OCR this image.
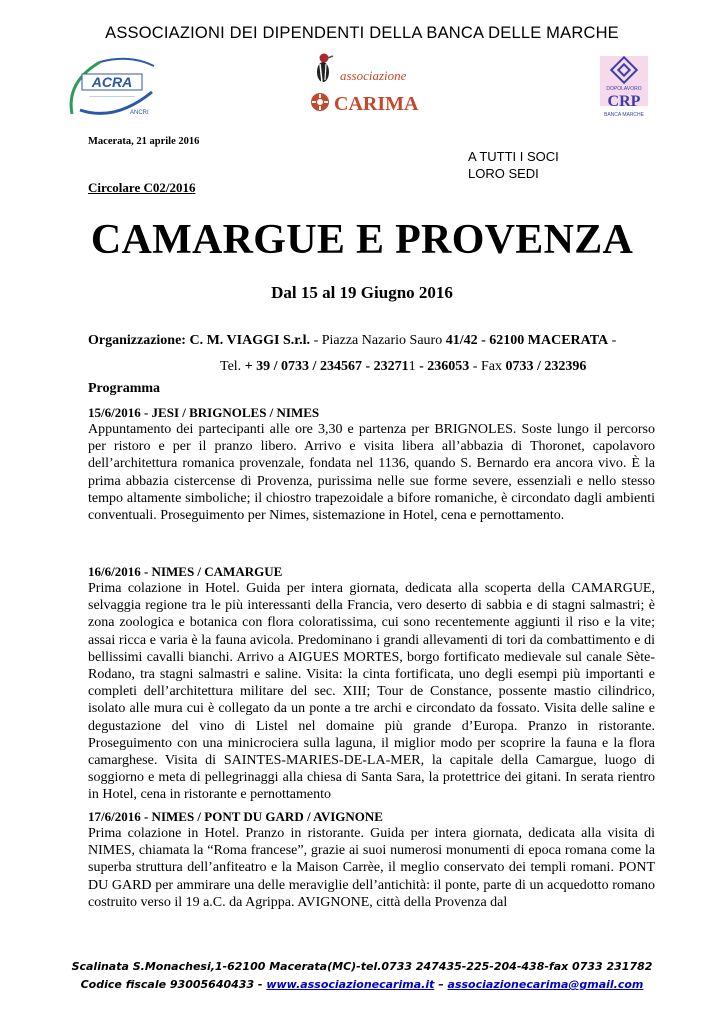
ASSOCIAZIONI DEI DIPENDENTI DELLA BANCA DELLE MARCHE
ACRA
────────────────
ANCRI
associazione
CARIMA
DOPOLAVORO
CRP
BANCA MARCHE
Macerata, 21 aprile 2016
A TUTTI I SOCI
LORO SEDI
Circolare C02/2016
CAMARGUE E PROVENZA
Dal 15 al 19 Giugno 2016
Organizzazione: C. M. VIAGGI S.r.l. - Piazza Nazario Sauro 41/42 - 62100 MACERATA -
Tel. + 39 / 0733 / 234567 - 232711 - 236053 - Fax 0733 / 232396
Programma
15/6/2016 - JESI / BRIGNOLES / NIMES
Appuntamento dei partecipanti alle ore 3,30 e partenza per BRIGNOLES. Soste lungo il percorso per ristoro e per il pranzo libero. Arrivo e visita libera all’abbazia di Thoronet, capolavoro dell’architettura romanica provenzale, fondata nel 1136, quando S. Bernardo era ancora vivo. È la prima abbazia cistercense di Provenza, purissima nelle sue forme severe, essenziali e nello stesso tempo altamente simboliche; il chiostro trapezoidale a bifore romaniche, è circondato dagli ambienti conventuali. Proseguimento per Nimes, sistemazione in Hotel, cena e pernottamento.
16/6/2016 - NIMES / CAMARGUE
Prima colazione in Hotel. Guida per intera giornata, dedicata alla scoperta della CAMARGUE, selvaggia regione tra le più interessanti della Francia, vero deserto di sabbia e di stagni salmastri; è zona zoologica e botanica con flora coloratissima, cui sono recentemente aggiunti il riso e la vite; assai ricca e varia è la fauna avicola. Predominano i grandi allevamenti di tori da combattimento e di bellissimi cavalli bianchi. Arrivo a AIGUES MORTES, borgo fortificato medievale sul canale Sète-Rodano, tra stagni salmastri e saline. Visita: la cinta fortificata, uno degli esempi più importanti e completi dell’architettura militare del sec. XIII; Tour de Constance, possente mastio cilindrico, isolato alle mura cui è collegato da un ponte a tre archi e circondato da fossato. Visita delle saline e degustazione del vino di Listel nel domaine più grande d’Europa. Pranzo in ristorante. Proseguimento con una minicrociera sulla laguna, il miglior modo per scoprire la fauna e la flora camarghese. Visita di SAINTES-MARIES-DE-LA-MER, la capitale della Camargue, luogo di soggiorno e meta di pellegrinaggi alla chiesa di Santa Sara, la protettrice dei gitani. In serata rientro in Hotel, cena in ristorante e pernottamento
17/6/2016 - NIMES / PONT DU GARD / AVIGNONE
Prima colazione in Hotel. Pranzo in ristorante. Guida per intera giornata, dedicata alla visita di NIMES, chiamata la “Roma francese”, grazie ai suoi numerosi monumenti di epoca romana come la superba struttura dell’anfiteatro e la Maison Carrèe, il meglio conservato dei templi romani. PONT DU GARD per ammirare una delle meraviglie dell’antichità: il ponte, parte di un acquedotto romano costruito verso il 19 a.C. da Agrippa. AVIGNONE, città della Provenza dal
Scalinata S.Monachesi,1-62100 Macerata(MC)-tel.0733 247435-225-204-438-fax 0733 231782
Codice fiscale 93005640433 - www.associazionecarima.it – associazionecarima@gmail.com
